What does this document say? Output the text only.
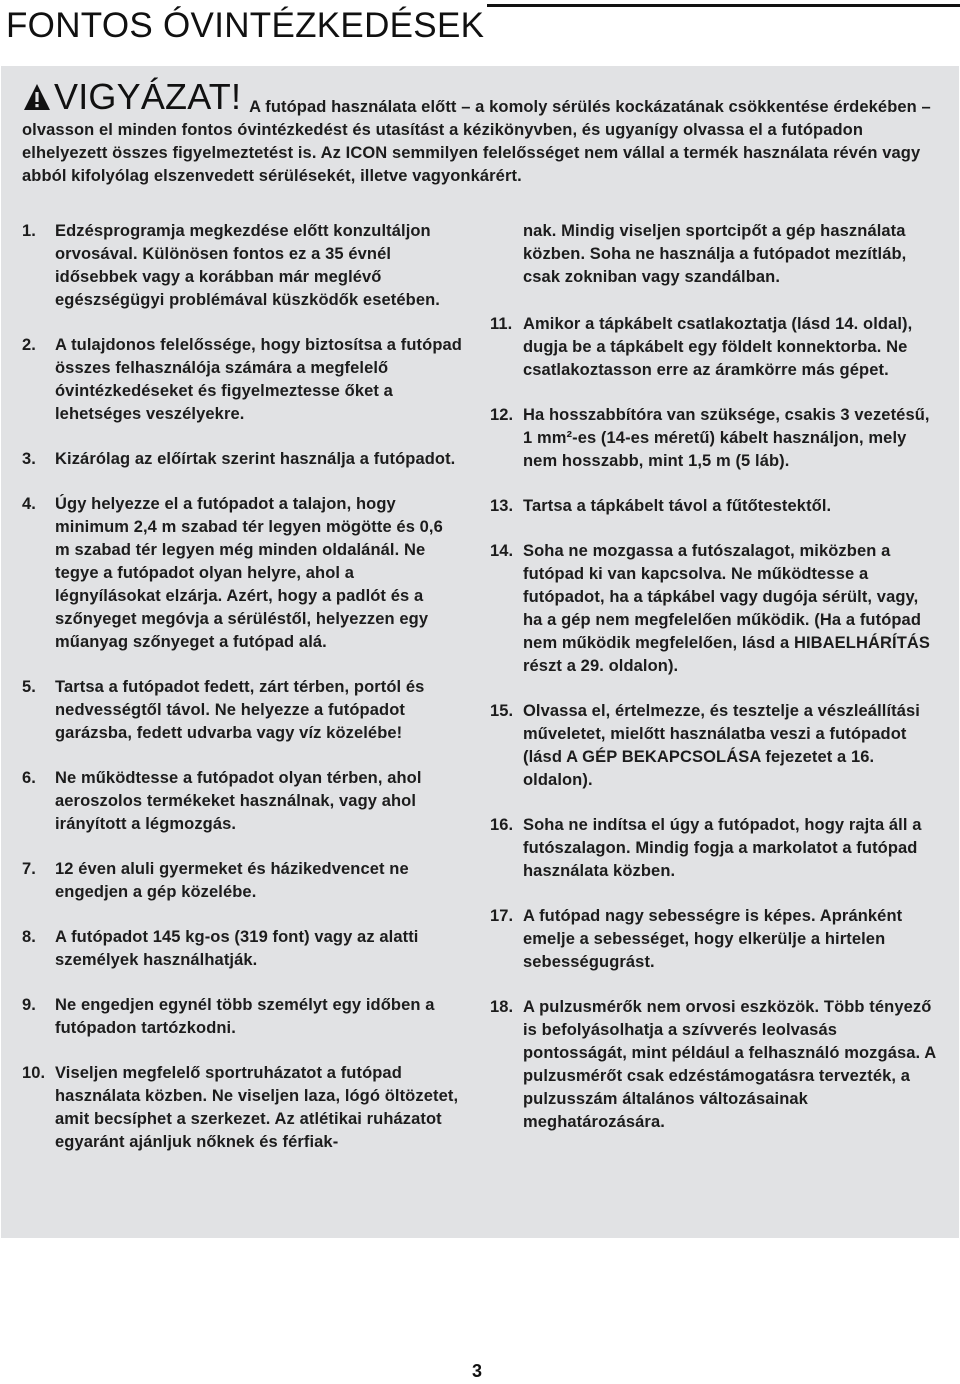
FONTOS ÓVINTÉZKEDÉSEK
VIGYÁZAT! A futópad használata előtt – a komoly sérülés kockázatának csökkentése érdekében – olvasson el minden fontos óvintézkedést és utasítást a kézikönyvben, és ugyanígy olvassa el a futópadon elhelyezett összes figyelmeztetést is. Az ICON semmilyen felelősséget nem vállal a termék használata révén vagy abból kifolyólag elszenvedett sérülésekét, illetve vagyonkárért.
1. Edzésprogramja megkezdése előtt konzultáljon orvosával. Különösen fontos ez a 35 évnél idősebbek vagy a korábban már meglévő egészségügyi problémával küszködők esetében.
2. A tulajdonos felelőssége, hogy biztosítsa a futópad összes felhasználója számára a megfelelő óvintézkedéseket és figyelmeztesse őket a lehetséges veszélyekre.
3. Kizárólag az előírtak szerint használja a futópadot.
4. Úgy helyezze el a futópadot a talajon, hogy minimum 2,4 m szabad tér legyen mögötte és 0,6 m szabad tér legyen még minden oldalánál. Ne tegye a futópadot olyan helyre, ahol a légnyílásokat elzárja. Azért, hogy a padlót és a szőnyeget megóvja a sérüléstől, helyezzen egy műanyag szőnyeget a futópad alá.
5. Tartsa a futópadot fedett, zárt térben, portól és nedvességtől távol. Ne helyezze a futópadot garázsba, fedett udvarba vagy víz közelébe!
6. Ne működtesse a futópadot olyan térben, ahol aeroszolos termékeket használnak, vagy ahol irányított a légmozgás.
7. 12 éven aluli gyermeket és házikedvencet ne engedjen a gép közelébe.
8. A futópadot 145 kg-os (319 font) vagy az alatti személyek használhatják.
9. Ne engedjen egynél több személyt egy időben a futópadon tartózkodni.
10. Viseljen megfelelő sportruházatot a futópad használata közben. Ne viseljen laza, lógó öltözetet, amit becsíphet a szerkezet. Az atlétikai ruházatot egyaránt ajánljuk nőknek és férfiak-
nak. Mindig viseljen sportcipőt a gép használata közben. Soha ne használja a futópadot mezítláb, csak zokniban vagy szandálban.
11. Amikor a tápkábelt csatlakoztatja (lásd 14. oldal), dugja be a tápkábelt egy földelt konnektorba. Ne csatlakoztasson erre az áramkörre más gépet.
12. Ha hosszabbítóra van szüksége, csakis 3 vezetésű, 1 mm²-es (14-es méretű) kábelt használjon, mely nem hosszabb, mint 1,5 m (5 láb).
13. Tartsa a tápkábelt távol a fűtőtestektől.
14. Soha ne mozgassa a futószalagot, miközben a futópad ki van kapcsolva. Ne működtesse a futópadot, ha a tápkábel vagy dugója sérült, vagy, ha a gép nem megfelelően működik. (Ha a futópad nem működik megfelelően, lásd a HIBAELHÁRÍTÁS részt a 29. oldalon).
15. Olvassa el, értelmezze, és tesztelje a vészleállítási műveletet, mielőtt használatba veszi a futópadot (lásd A GÉP BEKAPCSOLÁSA fejezetet a 16. oldalon).
16. Soha ne indítsa el úgy a futópadot, hogy rajta áll a futószalagon. Mindig fogja a markolatot a futópad használata közben.
17. A futópad nagy sebességre is képes. Apránként emelje a sebességet, hogy elkerülje a hirtelen sebességugrást.
18. A pulzusmérők nem orvosi eszközök. Több tényező is befolyásolhatja a szívverés leolvasás pontosságát, mint például a felhasználó mozgása. A pulzusmérőt csak edzéstámogatásra tervezték, a pulzusszám általános változásainak meghatározására.
3
